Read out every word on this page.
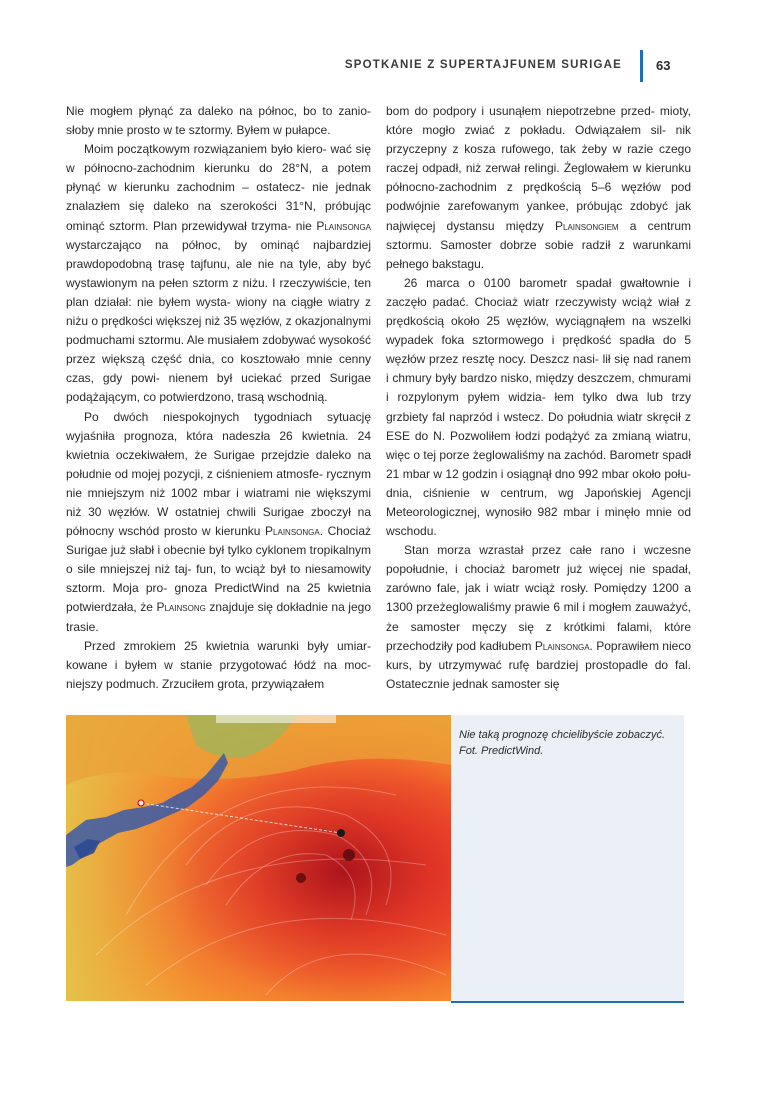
SPOTKANIE Z SUPERTAJFUNEM SURIGAE	63

Nie mogłem płynąć za daleko na północ, bo to zanio- słoby mnie prosto w te sztormy. Byłem w pułapce.

Moim początkowym rozwiązaniem było kiero- wać się w północno-zachodnim kierunku do 28°N, a potem płynąć w kierunku zachodnim – ostatecz- nie jednak znalazłem się daleko na szerokości 31°N, próbując ominąć sztorm. Plan przewidywał trzyma- nie Plainsonga wystarczająco na północ, by ominąć najbardziej prawdopodobną trasę tajfunu, ale nie na tyle, aby być wystawionym na pełen sztorm z niżu. I rzeczywiście, ten plan działał: nie byłem wysta- wiony na ciągłe wiatry z niżu o prędkości większej niż 35 węzłów, z okazjonalnymi podmuchami sztormu. Ale musiałem zdobywać wysokość przez większą część dnia, co kosztowało mnie cenny czas, gdy powi- nienem był uciekać przed Surigae podążającym, co potwierdzono, trasą wschodnią.

Po dwóch niespokojnych tygodniach sytuację wyjaśniła prognoza, która nadeszła 26 kwietnia. 24 kwietnia oczekiwałem, że Surigae przejdzie daleko na południe od mojej pozycji, z ciśnieniem atmosfe- rycznym nie mniejszym niż 1002 mbar i wiatrami nie większymi niż 30 węzłów. W ostatniej chwili Surigae zboczył na północny wschód prosto w kierunku Plainsonga. Chociaż Surigae już słabł i obecnie był tylko cyklonem tropikalnym o sile mniejszej niż taj- fun, to wciąż był to niesamowity sztorm. Moja pro- gnoza PredictWind na 25 kwietnia potwierdzała, że Plainsong znajduje się dokładnie na jego trasie.

Przed zmrokiem 25 kwietnia warunki były umiar- kowane i byłem w stanie przygotować łódź na moc- niejszy podmuch. Zrzuciłem grota, przywiązałem

bom do podpory i usunąłem niepotrzebne przed- mioty, które mogło zwiać z pokładu. Odwiązałem sil- nik przyczepny z kosza rufowego, tak żeby w razie czego raczej odpadł, niż zerwał relingi. Żeglowałem w kierunku północno-zachodnim z prędkością 5–6 węzłów pod podwójnie zarefowanym yankee, próbując zdobyć jak najwięcej dystansu między Plainsongiem a centrum sztormu. Samoster dobrze sobie radził z warunkami pełnego bakstagu.

26 marca o 0100 barometr spadał gwałtownie i zaczęło padać. Chociaż wiatr rzeczywisty wciąż wiał z prędkością około 25 węzłów, wyciągnąłem na wszelki wypadek foka sztormowego i prędkość spadła do 5 węzłów przez resztę nocy. Deszcz nasi- lił się nad ranem i chmury były bardzo nisko, między deszczem, chmurami i rozpylonym pyłem widzia- łem tylko dwa lub trzy grzbiety fal naprzód i wstecz. Do południa wiatr skręcił z ESE do N. Pozwoliłem łodzi podążyć za zmianą wiatru, więc o tej porze żeglowaliśmy na zachód. Barometr spadł 21 mbar w 12 godzin i osiągnął dno 992 mbar około połu- dnia, ciśnienie w centrum, wg Japońskiej Agencji Meteorologicznej, wynosiło 982 mbar i minęło mnie od wschodu.

Stan morza wzrastał przez całe rano i wczesne popołudnie, i chociaż barometr już więcej nie spadał, zarówno fale, jak i wiatr wciąż rosły. Pomiędzy 1200 a 1300 przeżeglowaliśmy prawie 6 mil i mogłem zauważyć, że samoster męczy się z krótkimi falami, które przechodziły pod kadłubem Plainsonga. Poprawiłem nieco kurs, by utrzymywać rufę bardziej prostopadle do fal. Ostatecznie jednak samoster się

Nie taką prognozę chcielibyście zobaczyć.
Fot. PredictWind.
